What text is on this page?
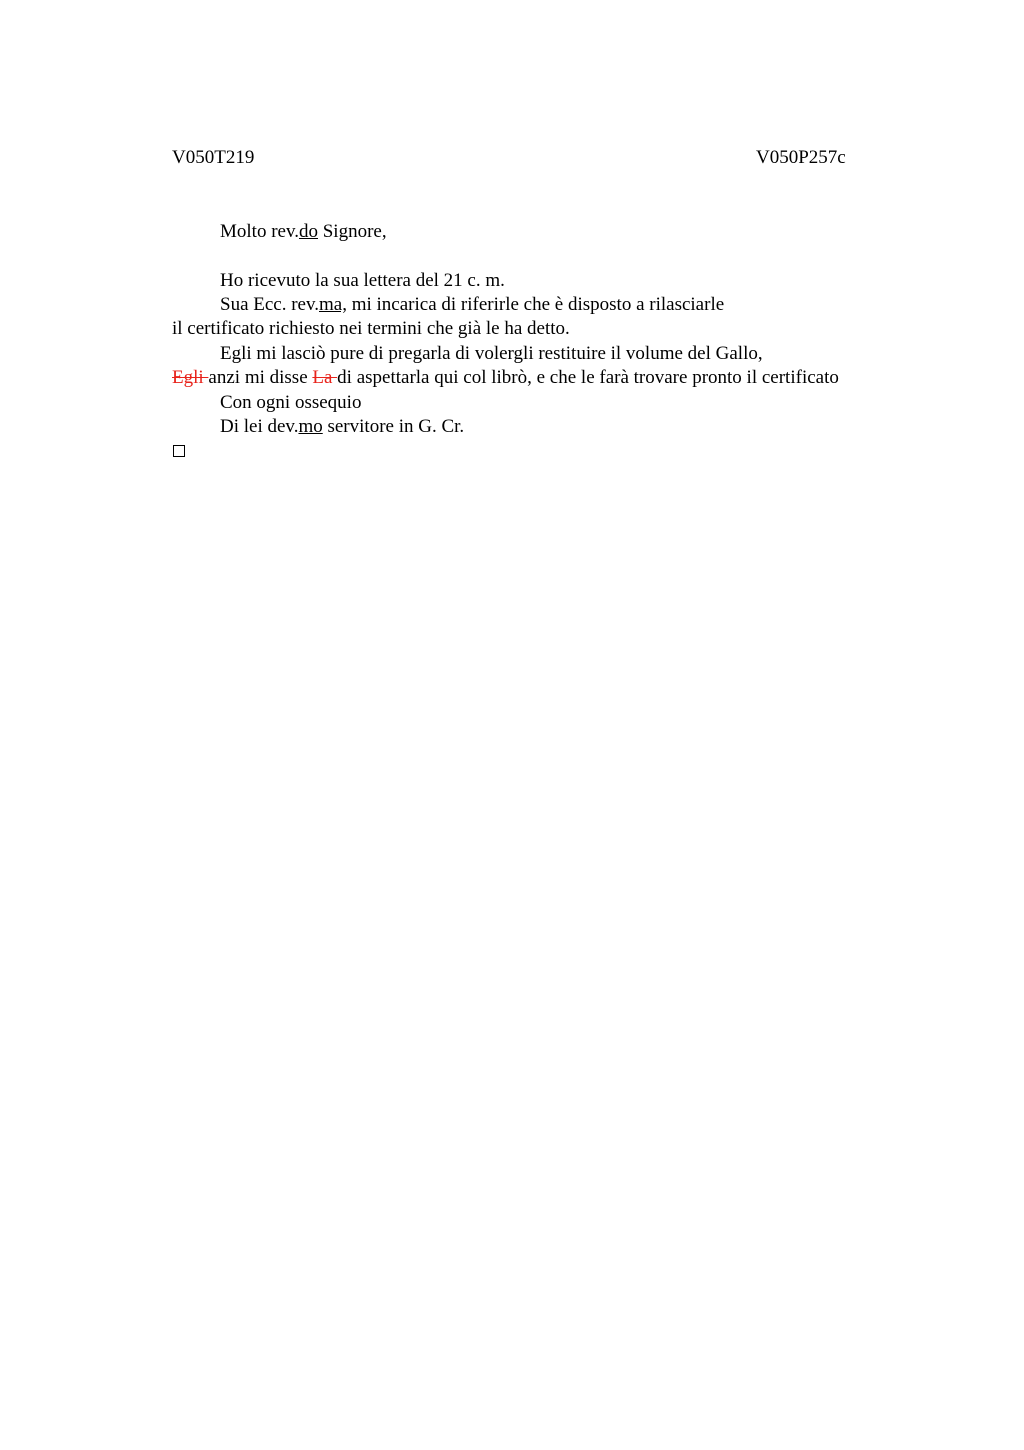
V050T219	V050P257c
Molto rev.do Signore,
Ho ricevuto la sua lettera del 21 c. m.
Sua Ecc. rev.ma, mi incarica di riferirle che è disposto a rilasciarle
il certificato richiesto nei termini che già le ha detto.
Egli mi lasciò pure di pregarla di volergli restituire il volume del Gallo,
Egli anzi mi disse La di aspettarla qui col librò, e che le farà trovare pronto il certificato
Con ogni ossequio
Di lei dev.mo servitore in G. Cr.
